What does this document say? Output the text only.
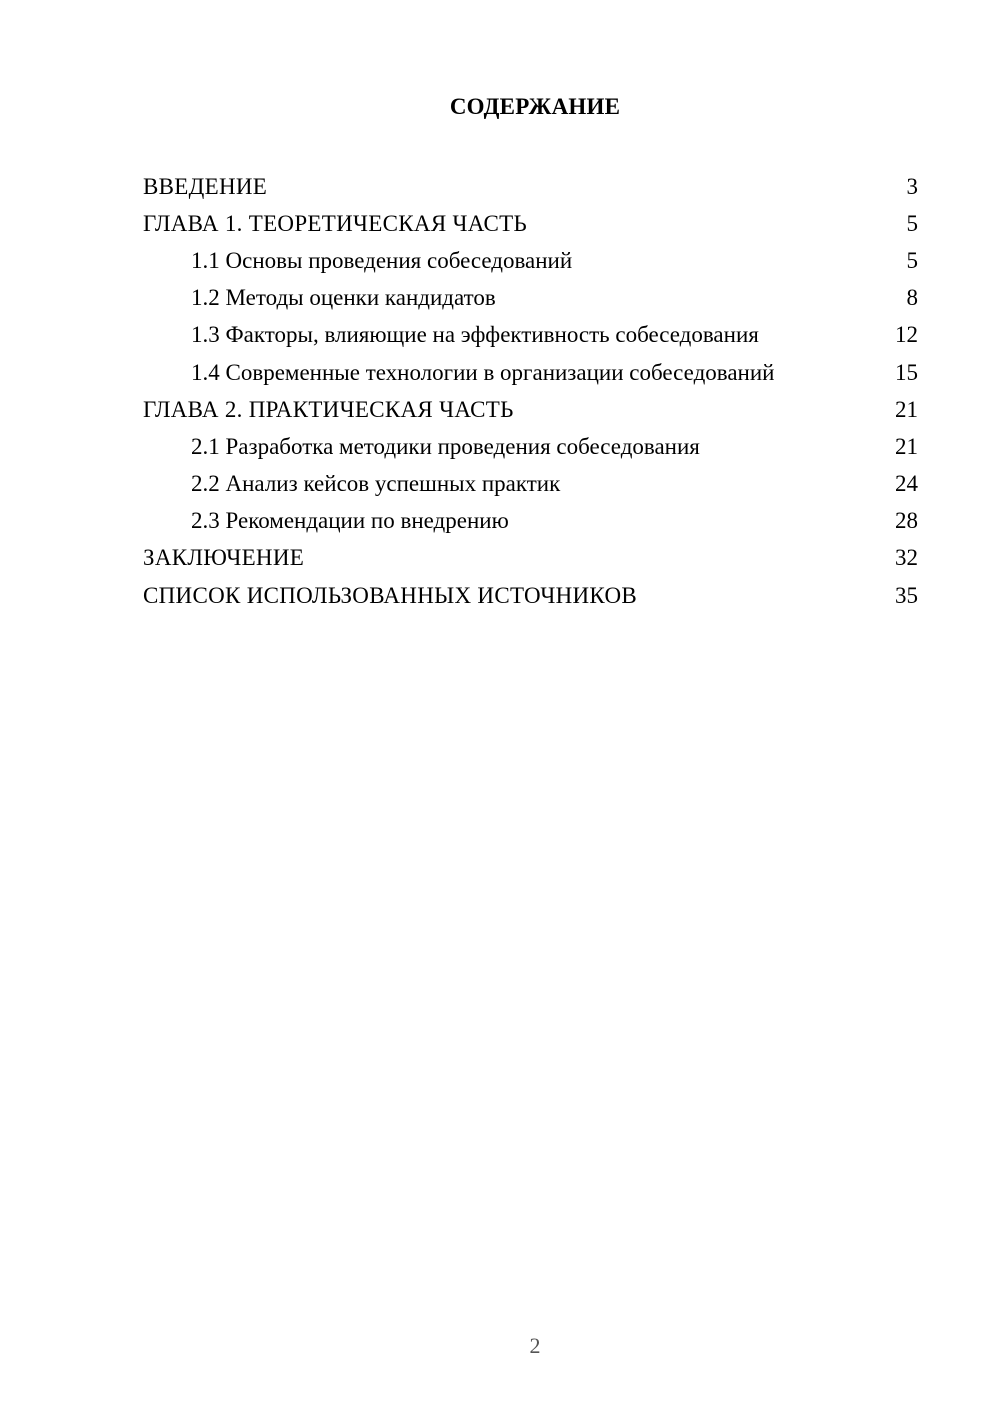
СОДЕРЖАНИЕ
ВВЕДЕНИЕ	3
ГЛАВА 1. ТЕОРЕТИЧЕСКАЯ ЧАСТЬ	5
1.1 Основы проведения собеседований	5
1.2 Методы оценки кандидатов	8
1.3 Факторы, влияющие на эффективность собеседования	12
1.4 Современные технологии в организации собеседований	15
ГЛАВА 2. ПРАКТИЧЕСКАЯ ЧАСТЬ	21
2.1 Разработка методики проведения собеседования	21
2.2 Анализ кейсов успешных практик	24
2.3 Рекомендации по внедрению	28
ЗАКЛЮЧЕНИЕ	32
СПИСОК ИСПОЛЬЗОВАННЫХ ИСТОЧНИКОВ	35
2
